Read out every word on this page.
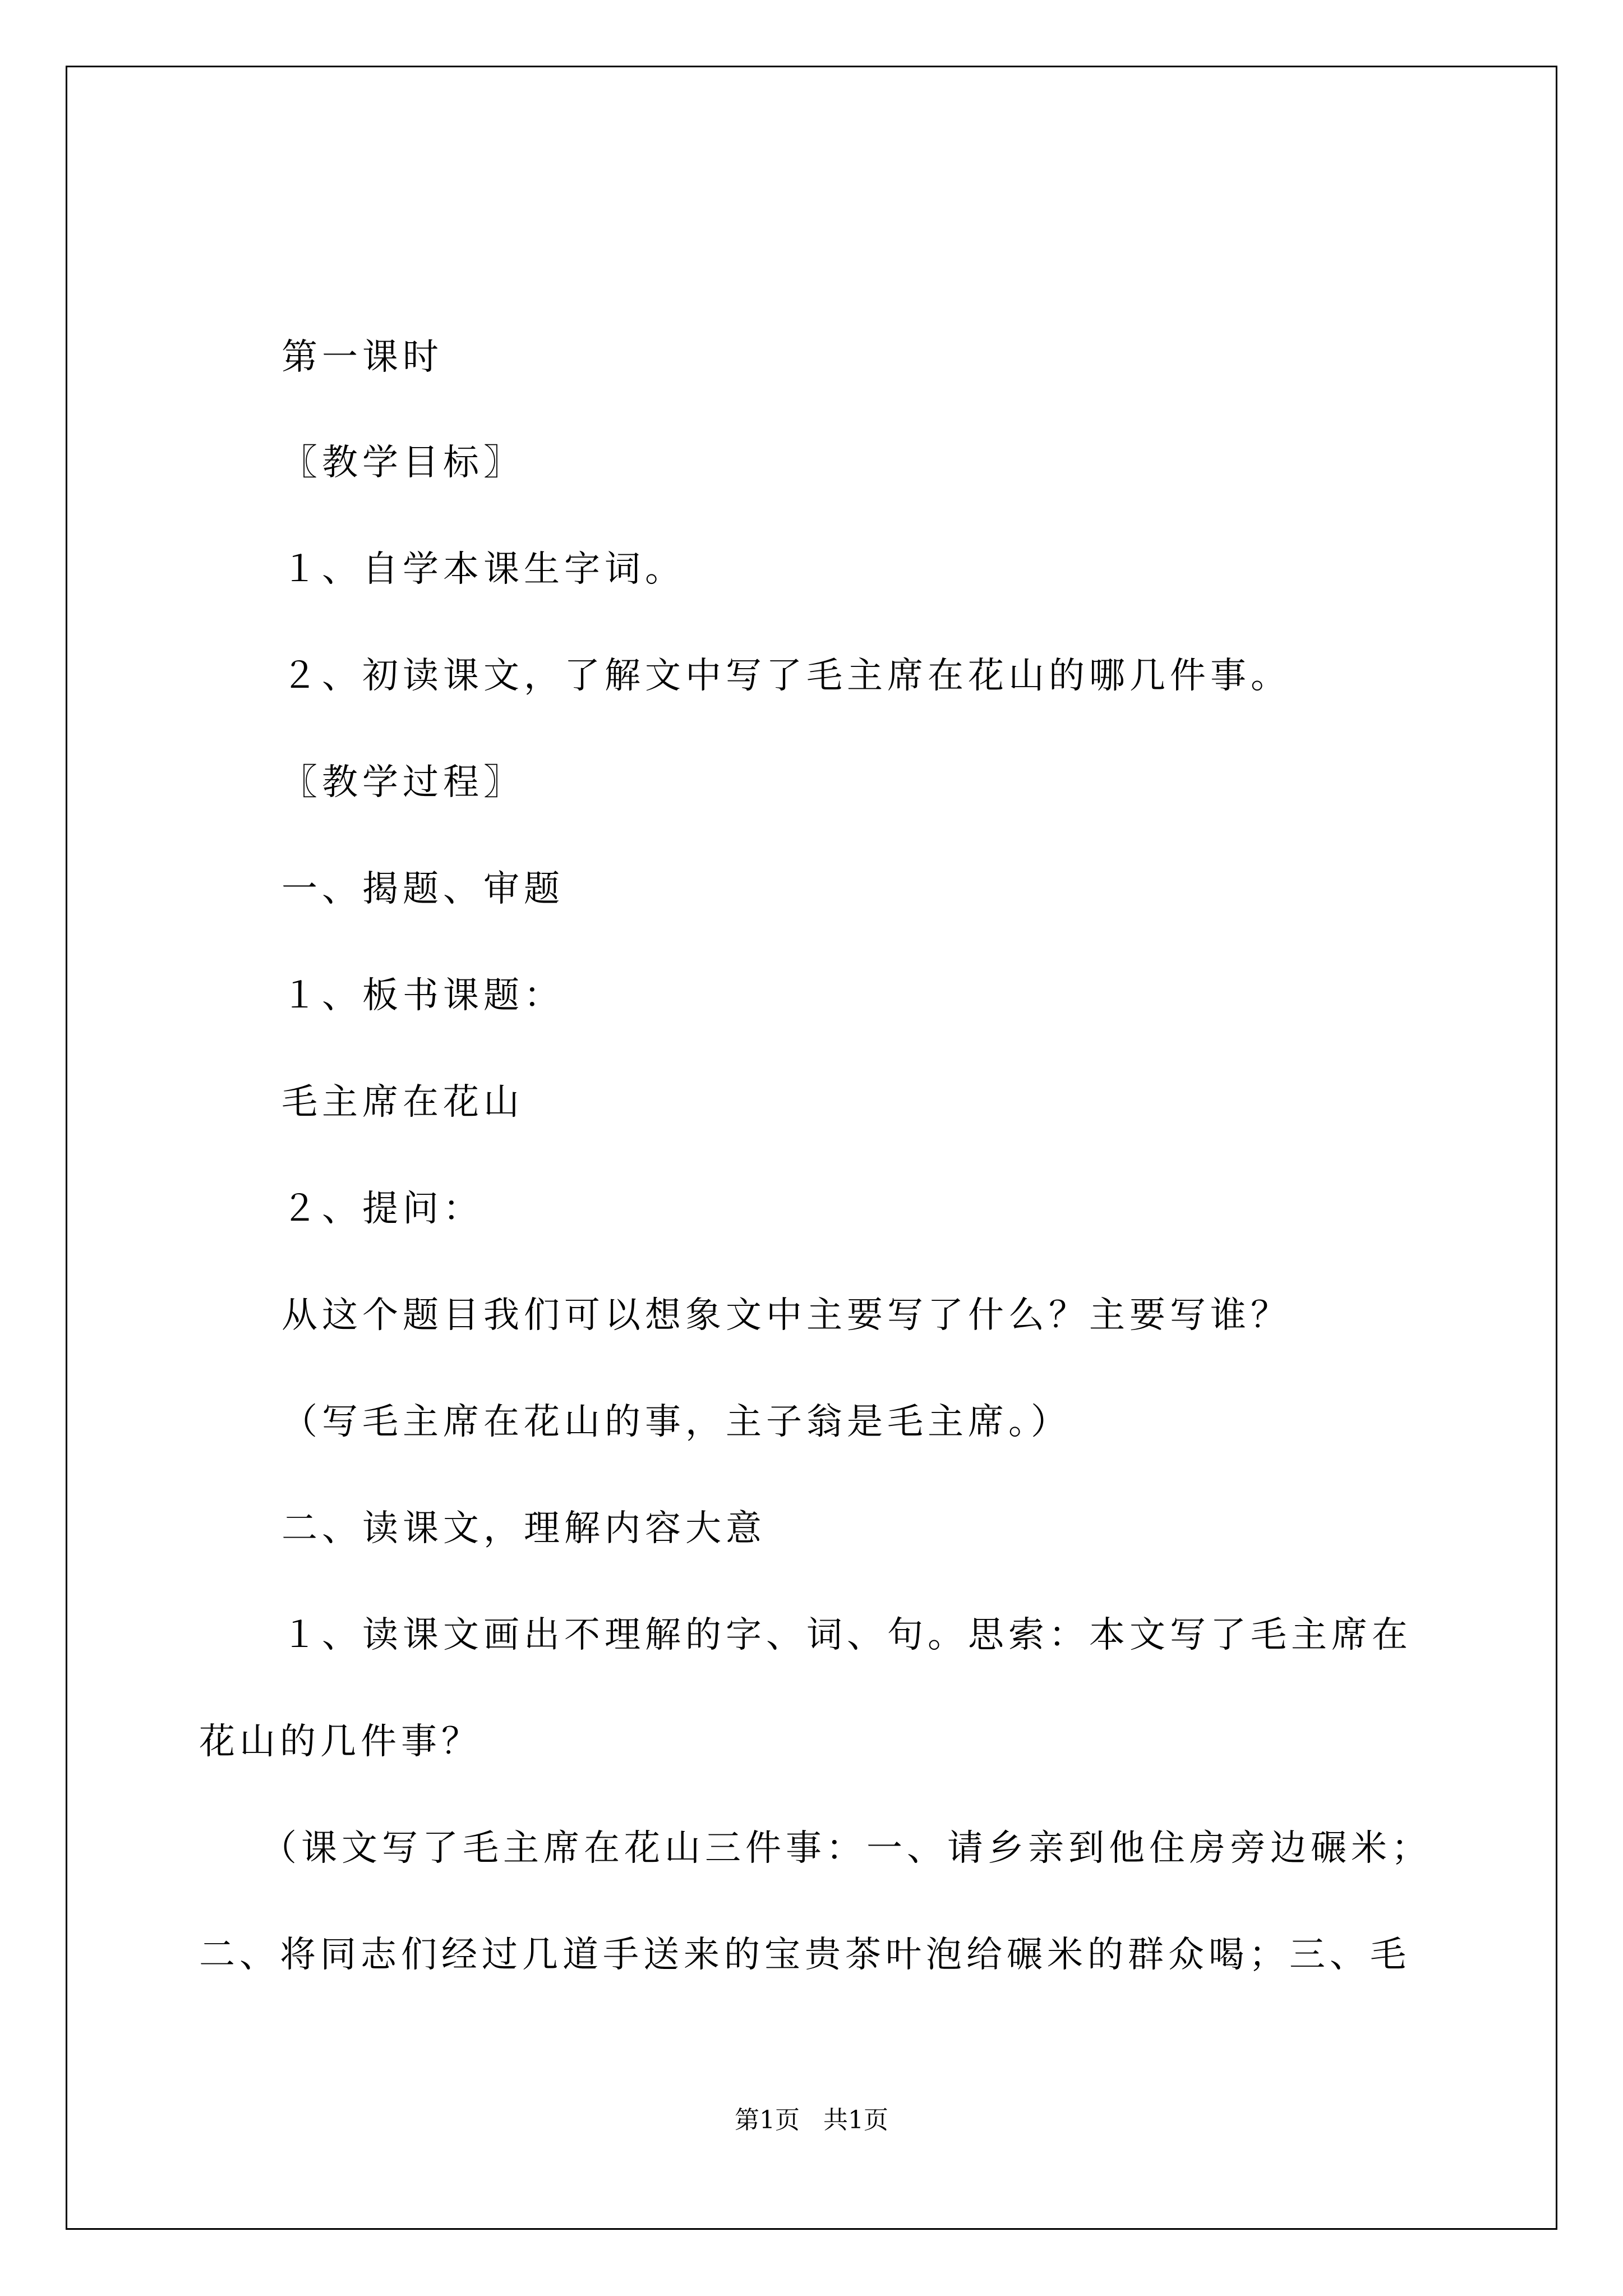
第一课时
〖教学目标〗
１、自学本课生字词。
２、初读课文，了解文中写了毛主席在花山的哪几件事。
〖教学过程〗
一、揭题、审题
１、板书课题：
毛主席在花山
２、提问：
从这个题目我们可以想象文中主要写了什么？主要写谁？
（写毛主席在花山的事，主子翁是毛主席。）
二、读课文，理解内容大意
１、读课文画出不理解的字、词、句。思索：本文写了毛主席在
花山的几件事？
（课文写了毛主席在花山三件事：一、请乡亲到他住房旁边碾米；
二、将同志们经过几道手送来的宝贵茶叶泡给碾米的群众喝；三、毛
第1页   共1页
